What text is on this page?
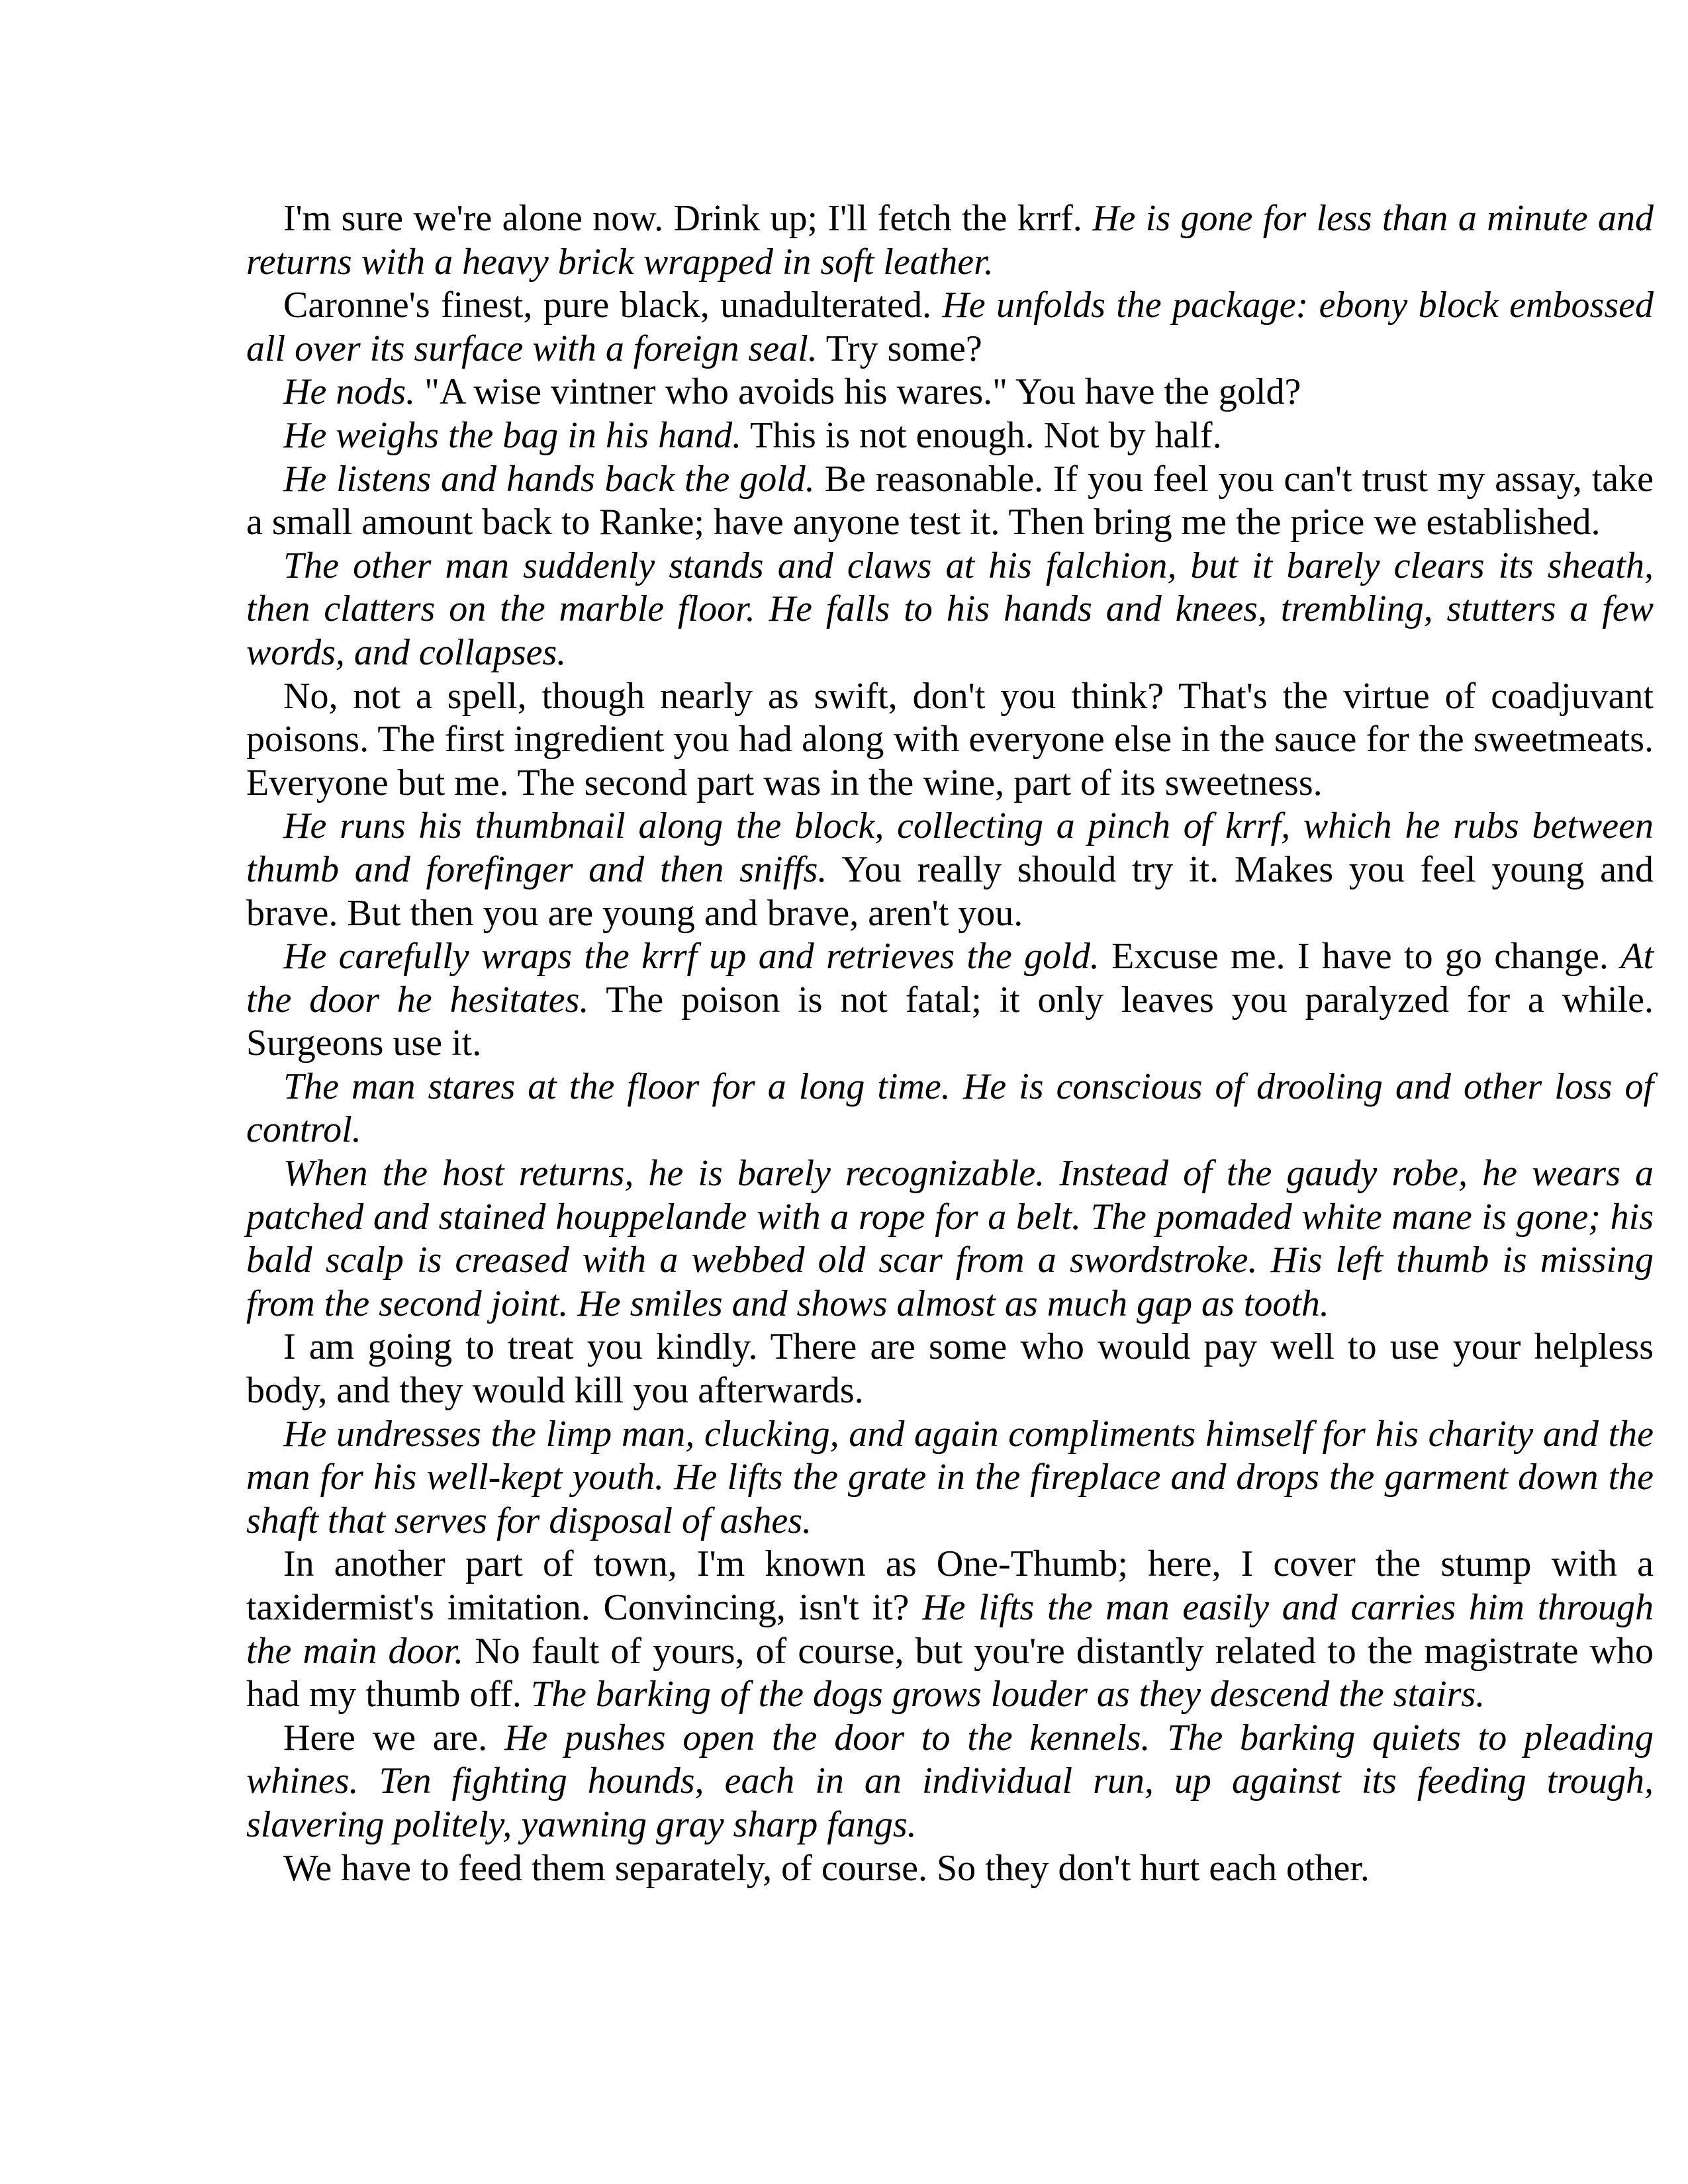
I'm sure we're alone now. Drink up; I'll fetch the krrf. He is gone for less than a minute and returns with a heavy brick wrapped in soft leather.

Caronne's finest, pure black, unadulterated. He unfolds the package: ebony block embossed all over its surface with a foreign seal. Try some?

He nods. "A wise vintner who avoids his wares." You have the gold?

He weighs the bag in his hand. This is not enough. Not by half.

He listens and hands back the gold. Be reasonable. If you feel you can't trust my assay, take a small amount back to Ranke; have anyone test it. Then bring me the price we established.

The other man suddenly stands and claws at his falchion, but it barely clears its sheath, then clatters on the marble floor. He falls to his hands and knees, trembling, stutters a few words, and collapses.

No, not a spell, though nearly as swift, don't you think? That's the virtue of coadjuvant poisons. The first ingredient you had along with everyone else in the sauce for the sweetmeats. Everyone but me. The second part was in the wine, part of its sweetness.

He runs his thumbnail along the block, collecting a pinch of krrf, which he rubs between thumb and forefinger and then sniffs. You really should try it. Makes you feel young and brave. But then you are young and brave, aren't you.

He carefully wraps the krrf up and retrieves the gold. Excuse me. I have to go change. At the door he hesitates. The poison is not fatal; it only leaves you paralyzed for a while. Surgeons use it.

The man stares at the floor for a long time. He is conscious of drooling and other loss of control.

When the host returns, he is barely recognizable. Instead of the gaudy robe, he wears a patched and stained houppelande with a rope for a belt. The pomaded white mane is gone; his bald scalp is creased with a webbed old scar from a swordstroke. His left thumb is missing from the second joint. He smiles and shows almost as much gap as tooth.

I am going to treat you kindly. There are some who would pay well to use your helpless body, and they would kill you afterwards.

He undresses the limp man, clucking, and again compliments himself for his charity and the man for his well-kept youth. He lifts the grate in the fireplace and drops the garment down the shaft that serves for disposal of ashes.

In another part of town, I'm known as One-Thumb; here, I cover the stump with a taxidermist's imitation. Convincing, isn't it? He lifts the man easily and carries him through the main door. No fault of yours, of course, but you're distantly related to the magistrate who had my thumb off. The barking of the dogs grows louder as they descend the stairs.

Here we are. He pushes open the door to the kennels. The barking quiets to pleading whines. Ten fighting hounds, each in an individual run, up against its feeding trough, slavering politely, yawning gray sharp fangs.

We have to feed them separately, of course. So they don't hurt each other.
